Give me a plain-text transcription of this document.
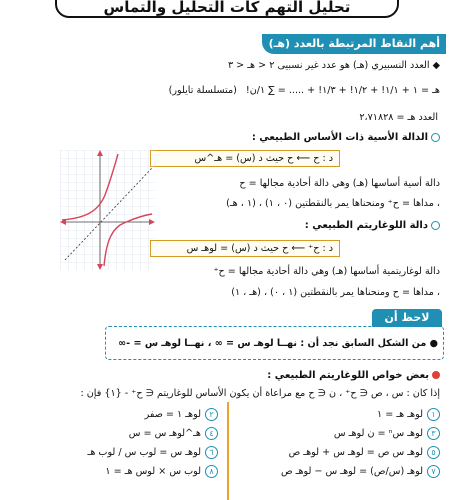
تحليل التهم كات التحليل والتماس
أهم النقاط المرتبطة بالعدد (هـ)
◆ العدد النسبيري (هـ) هو عدد غير نسبيى ٢ < هـ < ٣
هـ = ١ + ١/١! + ١/٢! + ١/٣! + ..... = ∑ ١/ن! (متسلسلة تايلور)
العدد هـ = ٢،٧١٨٢٨
الدالة الأسية ذات الأساس الطبيعي :
د : ح ⟵ ح حيث د (س) = هـ^س
دالة أسية أساسها (هـ) وهي دالة أحادية مجالها = ح
، مداها = ح⁺ ومنحناها يمر بالنقطتين (٠ ، ١) ، (١ ، هـ)
دالة اللوغاريتم الطبيعي :
د : ح⁺ ⟵ ح حيث د (س) = لوهـ س
دالة لوغاريتمية أساسها (هـ) وهي دالة أحادية مجالها = ح⁺
، مداها = ح ومنحناها يمر بالنقطتين (١ ، ٠) ، (هـ ، ١)
لاحظ أن
● من الشكل السابق نجد أن : نهــا لوهـ س = ∞ ، نهــا لوهـ س = -∞
بعض خواص اللوغاريتم الطبيعي :
إذا كان : س ، ص ∈ ح⁺ ، ن ∈ ح مع مراعاة أن يكون الأساس للوغاريتم ∈ ح⁺ - {١} فإن :
١لوهـ هـ = ١
٣لوهـ سⁿ = ن لوهـ س
٥لوهـ س ص = لوهـ س + لوهـ ص
٧لوهـ (س/ص) = لوهـ س − لوهـ ص
٢لوهـ ١ = صفر
٤هـ^لوهـ س = س
٦لوهـ س = لوب س / لوب هـ
٨لوب س × لوس هـ = ١
